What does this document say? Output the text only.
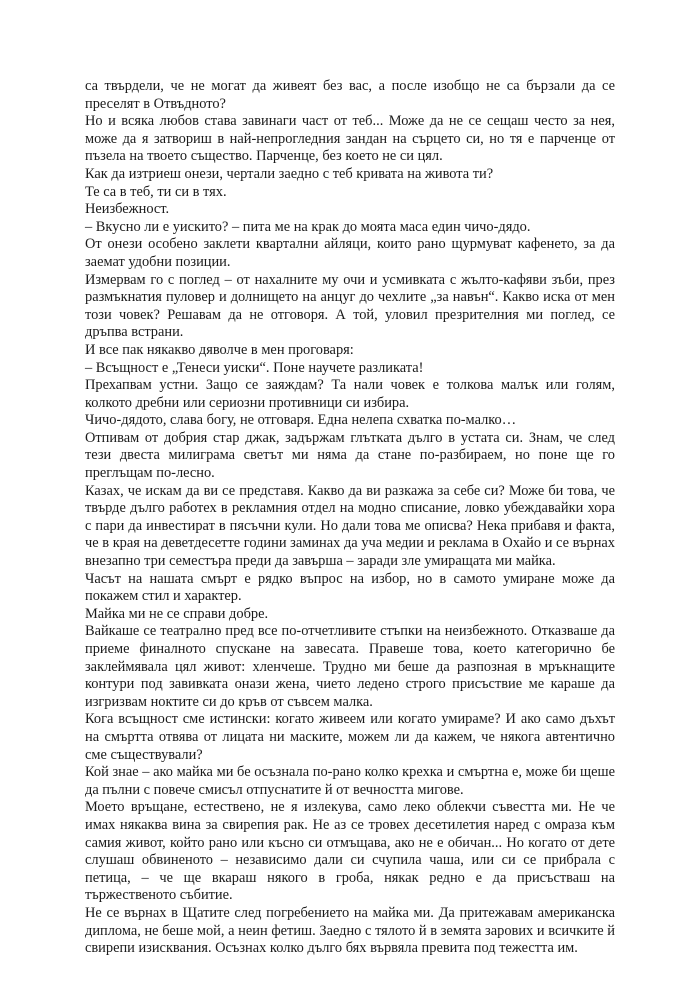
са твърдели, че не могат да живеят без вас, а после изобщо не са бързали да се преселят в Отвъдното?

Но и всяка любов става завинаги част от теб... Може да не се сещаш често за нея, може да я затвориш в най-непрогледния зандан на сърцето си, но тя е парченце от пъзела на твоето същество. Парченце, без което не си цял.

Как да изтриеш онези, чертали заедно с теб кривата на живота ти?

Те са в теб, ти си в тях.

Неизбежност.

– Вкусно ли е уискито? – пита ме на крак до моята маса един чичо-дядо.

От онези особено заклети квартални айляци, които рано щурмуват кафенето, за да заемат удобни позиции.

Измервам го с поглед – от нахалните му очи и усмивката с жълто-кафяви зъби, през размъкнатия пуловер и долнището на анцуг до чехлите „за навън“. Какво иска от мен този човек? Решавам да не отговоря. А той, уловил презрителния ми поглед, се дръпва встрани.

И все пак някакво дяволче в мен проговаря:

– Всъщност е „Тенеси уиски“. Поне научете разликата!

Прехапвам устни. Защо се заяждам? Та нали човек е толкова малък или голям, колкото дребни или сериозни противници си избира.

Чичо-дядото, слава богу, не отговаря. Една нелепа схватка по-малко…

Отпивам от добрия стар джак, задържам глътката дълго в устата си. Знам, че след тези двеста милиграма светът ми няма да стане по-разбираем, но поне ще го преглъщам по-лесно.

Казах, че искам да ви се представя. Какво да ви разкажа за себе си? Може би това, че твърде дълго работех в рекламния отдел на модно списание, ловко убеждавайки хора с пари да инвестират в пясъчни кули. Но дали това ме описва? Нека прибавя и факта, че в края на деветдесетте години заминах да уча медии и реклама в Охайо и се върнах внезапно три семестъра преди да завърша – заради зле умиращата ми майка.

Часът на нашата смърт е рядко въпрос на избор, но в самото умиране може да покажем стил и характер.

Майка ми не се справи добре.

Вайкаше се театрално пред все по-отчетливите стъпки на неизбежното. Отказваше да приеме финалното спускане на завесата. Правеше това, което категорично бе заклеймявала цял живот: хленчеше. Трудно ми беше да разпозная в мръкнащите контури под завивката онази жена, чието ледено строго присъствие ме караше да изгризвам ноктите си до кръв от съвсем малка.

Кога всъщност сме истински: когато живеем или когато умираме? И ако само дъхът на смъртта отвява от лицата ни маските, можем ли да кажем, че някога автентично сме съществували?

Кой знае – ако майка ми бе осъзнала по-рано колко крехка и смъртна е, може би щеше да пълни с повече смисъл отпуснатите й от вечността мигове.

Моето връщане, естествено, не я излекува, само леко облекчи съвестта ми. Не че имах някаква вина за свирепия рак. Не аз се тровех десетилетия наред с омраза към самия живот, който рано или късно си отмъщава, ако не е обичан... Но когато от дете слушаш обвиненото – независимо дали си счупила чаша, или си се прибрала с петица, – че ще вкараш някого в гроба, някак редно е да присъстваш на тържественото събитие.

Не се върнах в Щатите след погребението на майка ми. Да притежавам американска диплома, не беше мой, а неин фетиш. Заедно с тялото й в земята зарових и всичките й свирепи изисквания. Осъзнах колко дълго бях вървяла превита под тежестта им.
